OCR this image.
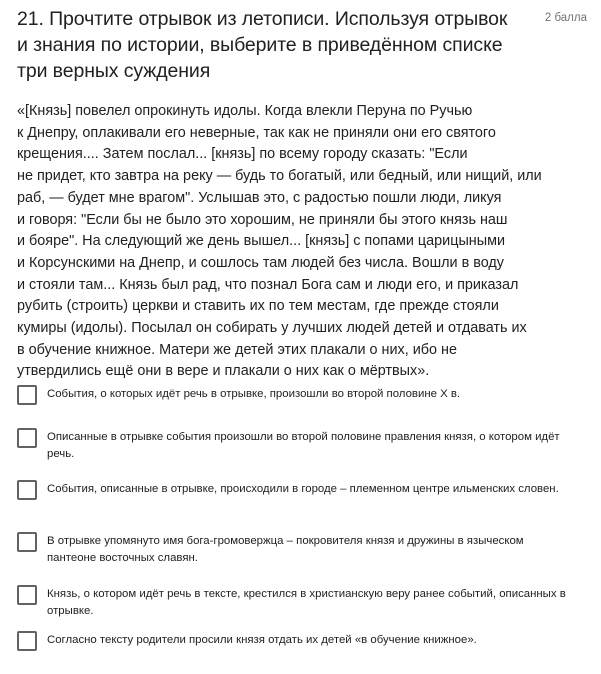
21. Прочтите отрывок из летописи. Используя отрывок и знания по истории, выберите в приведённом списке три верных суждения
2 балла

«[Князь] повелел опрокинуть идолы. Когда влекли Перуна по Ручью
к Днепру, оплакивали его неверные, так как не приняли они его святого
крещения.... Затем послал... [князь] по всему городу сказать: "Если
не придет, кто завтра на реку — будь то богатый, или бедный, или нищий, или
раб, — будет мне врагом". Услышав это, с радостью пошли люди, ликуя
и говоря: "Если бы не было это хорошим, не приняли бы этого князь наш
и бояре". На следующий же день вышел... [князь] с попами царицыными
и Корсунскими на Днепр, и сошлось там людей без числа. Вошли в воду
и стояли там... Князь был рад, что познал Бога сам и люди его, и приказал
рубить (строить) церкви и ставить их по тем местам, где прежде стояли
кумиры (идолы). Посылал он собирать у лучших людей детей и отдавать их
в обучение книжное. Матери же детей этих плакали о них, ибо не
утвердились ещё они в вере и плакали о них как о мёртвых».

События, о которых идёт речь в отрывке, произошли во второй половине X в.
Описанные в отрывке события произошли во второй половине правления князя, о котором идёт речь.
События, описанные в отрывке, происходили в городе – племенном центре ильменских словен.
В отрывке упомянуто имя бога-громовержца – покровителя князя и дружины в языческом пантеоне восточных славян.
Князь, о котором идёт речь в тексте, крестился в христианскую веру ранее событий, описанных в отрывке.
Согласно тексту родители просили князя отдать их детей «в обучение книжное».
